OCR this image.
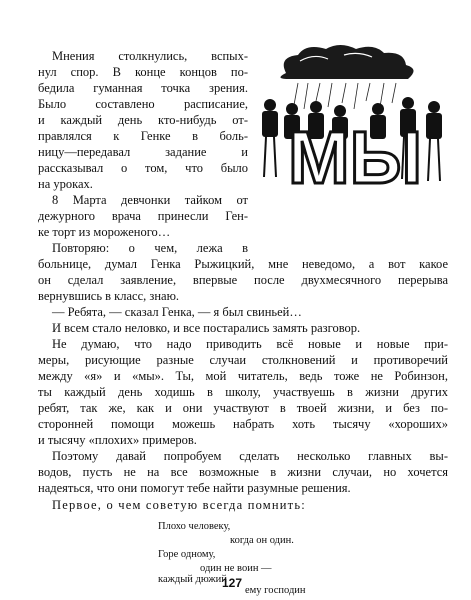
Мнения столкнулись, вспых-
нул спор. В конце концов по-
бедила гуманная точка зрения.
Было составлено расписание,
и каждый день кто-нибудь от-
правлялся к Генке в боль-
ницу—передавал задание и
рассказывал о том, что было
на уроках.
8 Марта девчонки тайком от
дежурного врача принесли Ген-
ке торт из мороженого…
Повторяю: о чем, лежа в
больнице, думал Генка Рыжицкий, мне неведомо, а вот какое
он сделал заявление, впервые после двухмесячного перерыва
вернувшись в класс, знаю.
— Ребята, — сказал Генка, — я был свиньей…
И всем стало неловко, и все постарались замять разговор.
Не думаю, что надо приводить всё новые и новые при-
меры, рисующие разные случаи столкновений и противоречий
между «я» и «мы». Ты, мой читатель, ведь тоже не Робинзон,
ты каждый день ходишь в школу, участвуешь в жизни других
ребят, так же, как и они участвуют в твоей жизни, и без по-
сторонней помощи можешь набрать хоть тысячу «хороших»
и тысячу «плохих» примеров.
Поэтому давай попробуем сделать несколько главных вы-
водов, пусть не на все возможные в жизни случаи, но хочется
надеяться, что они помогут тебе найти разумные решения.
Первое, о чем советую всегда помнить:
Плохо человеку,
когда он один.
Горе одному,
один не воин —
каждый дюжий
ему господин
МЫ
127
